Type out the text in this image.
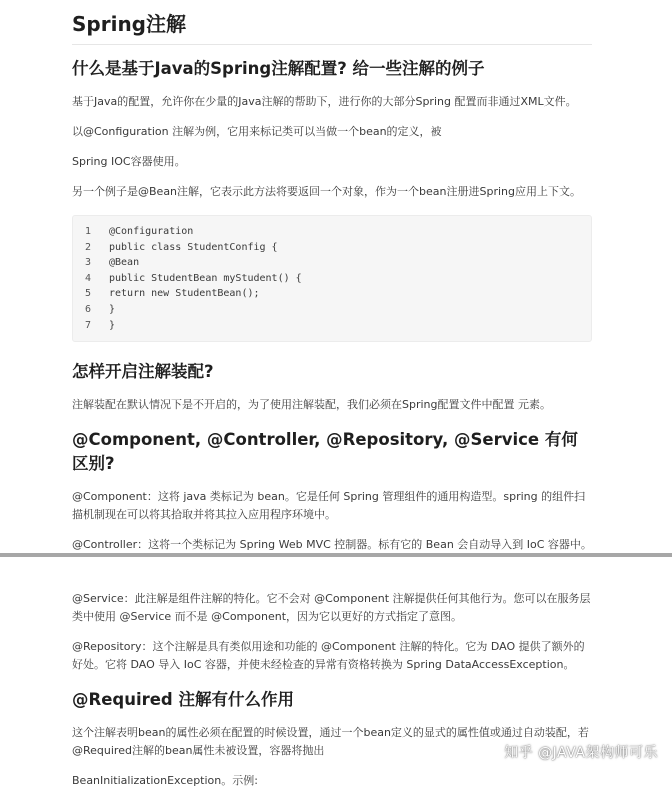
Spring注解
什么是基于Java的Spring注解配置? 给一些注解的例子

基于Java的配置，允许你在少量的Java注解的帮助下，进行你的大部分Spring 配置而非通过XML文件。

以@Configuration 注解为例，它用来标记类可以当做一个bean的定义，被

Spring IOC容器使用。

另一个例子是@Bean注解，它表示此方法将要返回一个对象，作为一个bean注册进Spring应用上下文。

1	@Configuration
2	public class StudentConfig {
3	@Bean
4	public StudentBean myStudent() {
5	return new StudentBean();
6	}
7	}
怎样开启注解装配?

注解装配在默认情况下是不开启的，为了使用注解装配，我们必须在Spring配置文件中配置 元素。

@Component, @Controller, @Repository, @Service 有何区别?

@Component：这将 java 类标记为 bean。它是任何 Spring 管理组件的通用构造型。spring 的组件扫描机制现在可以将其拾取并将其拉入应用程序环境中。

@Controller：这将一个类标记为 Spring Web MVC 控制器。标有它的 Bean 会自动导入到 IoC 容器中。

@Service：此注解是组件注解的特化。它不会对 @Component 注解提供任何其他行为。您可以在服务层类中使用 @Service 而不是 @Component，因为它以更好的方式指定了意图。

@Repository：这个注解是具有类似用途和功能的 @Component 注解的特化。它为 DAO 提供了额外的好处。它将 DAO 导入 IoC 容器，并使未经检查的异常有资格转换为 Spring DataAccessException。

@Required 注解有什么作用

这个注解表明bean的属性必须在配置的时候设置，通过一个bean定义的显式的属性值或通过自动装配，若@Required注解的bean属性未被设置，容器将抛出

BeanInitializationException。示例:

知乎 @JAVA架构师可乐
